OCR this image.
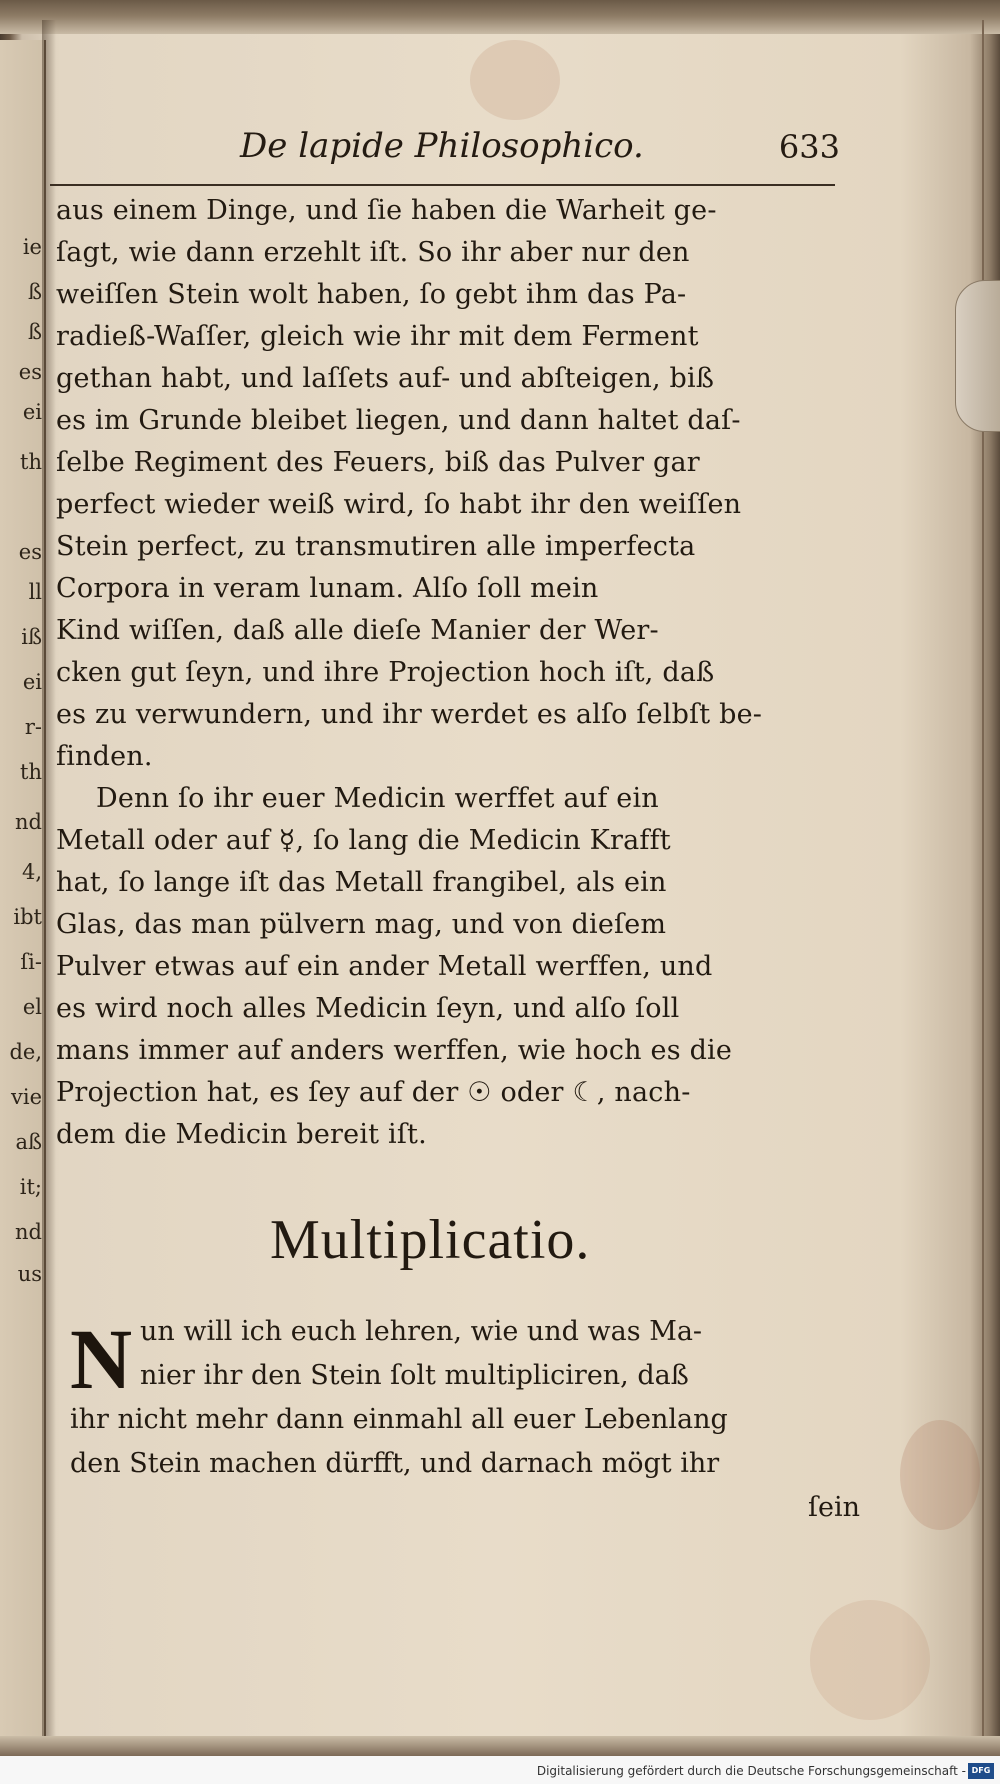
ie
ß
ß
es
ei
th
es
ll
iß
ei
r-
th
nd
4,
ibt
ſi-
el
de,
vie
aß
it;
nd
us
De lapide Philosophico.	633
aus einem Dinge, und ſie haben die Warheit ge-
ſagt, wie dann erzehlt iſt. So ihr aber nur den
weiſſen Stein wolt haben, ſo gebt ihm das Pa-
radieß-Waſſer, gleich wie ihr mit dem Ferment
gethan habt, und laſſets auf- und abſteigen, biß
es im Grunde bleibet liegen, und dann haltet daſ-
ſelbe Regiment des Feuers, biß das Pulver gar
perfect wieder weiß wird, ſo habt ihr den weiſſen
Stein perfect, zu transmutiren alle imperfecta
Corpora in veram lunam. Alſo ſoll mein
Kind wiſſen, daß alle dieſe Manier der Wer-
cken gut ſeyn, und ihre Projection hoch iſt, daß
es zu verwundern, und ihr werdet es alſo ſelbſt be-
finden.
Denn ſo ihr euer Medicin werffet auf ein
Metall oder auf ☿, ſo lang die Medicin Krafft
hat, ſo lange iſt das Metall frangibel, als ein
Glas, das man pülvern mag, und von dieſem
Pulver etwas auf ein ander Metall werffen, und
es wird noch alles Medicin ſeyn, und alſo ſoll
mans immer auf anders werffen, wie hoch es die
Projection hat, es ſey auf der ☉ oder ☾, nach-
dem die Medicin bereit iſt.
Multiplicatio.
N un will ich euch lehren, wie und was Ma-
nier ihr den Stein ſolt multipliciren, daß
ihr nicht mehr dann einmahl all euer Lebenlang
den Stein machen dürfft, und darnach mögt ihr
ſein
Digitalisierung gefördert durch die Deutsche Forschungsgemeinschaft - DFG
